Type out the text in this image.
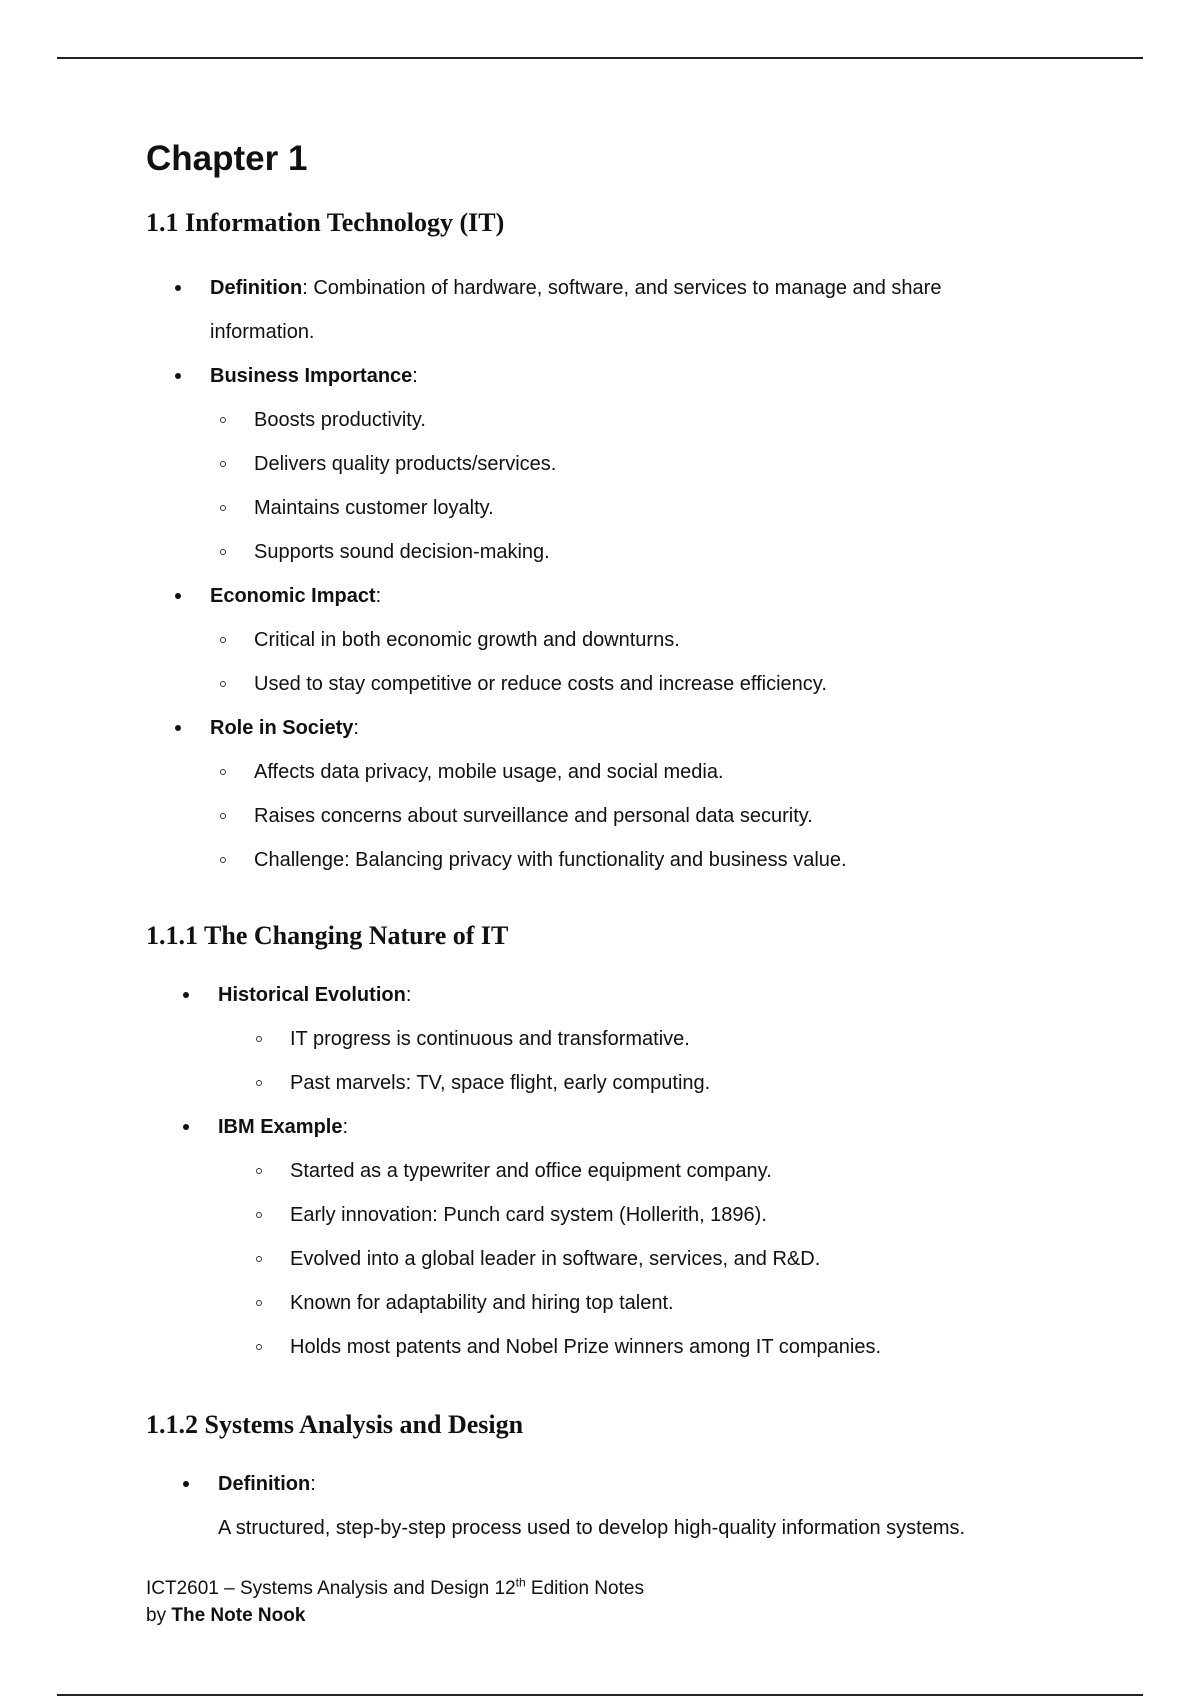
Chapter 1
1.1 Information Technology (IT)
Definition: Combination of hardware, software, and services to manage and share information.
Business Importance:
Boosts productivity.
Delivers quality products/services.
Maintains customer loyalty.
Supports sound decision-making.
Economic Impact:
Critical in both economic growth and downturns.
Used to stay competitive or reduce costs and increase efficiency.
Role in Society:
Affects data privacy, mobile usage, and social media.
Raises concerns about surveillance and personal data security.
Challenge: Balancing privacy with functionality and business value.
1.1.1 The Changing Nature of IT
Historical Evolution:
IT progress is continuous and transformative.
Past marvels: TV, space flight, early computing.
IBM Example:
Started as a typewriter and office equipment company.
Early innovation: Punch card system (Hollerith, 1896).
Evolved into a global leader in software, services, and R&D.
Known for adaptability and hiring top talent.
Holds most patents and Nobel Prize winners among IT companies.
1.1.2 Systems Analysis and Design
Definition:
A structured, step-by-step process used to develop high-quality information systems.
ICT2601 – Systems Analysis and Design 12th Edition Notes
by The Note Nook
